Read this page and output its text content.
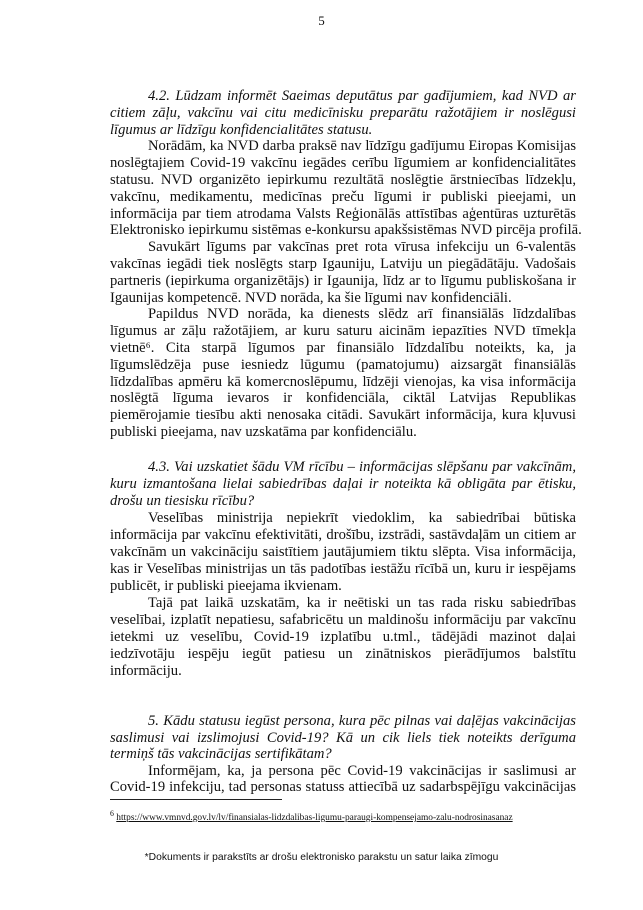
5
4.2. Lūdzam informēt Saeimas deputātus par gadījumiem, kad NVD ar
citiem zāļu, vakcīnu vai citu medicīnisku preparātu ražotājiem ir noslēgusi
līgumus ar līdzīgu konfidencialitātes statusu.
Norādām, ka NVD darba praksē nav līdzīgu gadījumu Eiropas Komisijas
noslēgtajiem Covid-19 vakcīnu iegādes cerību līgumiem ar konfidencialitātes
statusu. NVD organizēto iepirkumu rezultātā noslēgtie ārstniecības līdzekļu,
vakcīnu, medikamentu, medicīnas preču līgumi ir publiski pieejami, un
informācija par tiem atrodama Valsts Reģionālās attīstības aģentūras uzturētās
Elektronisko iepirkumu sistēmas e-konkursu apakšsistēmas NVD pircēja profilā.
Savukārt līgums par vakcīnas pret rota vīrusa infekciju un 6-valentās
vakcīnas iegādi tiek noslēgts starp Igauniju, Latviju un piegādātāju. Vadošais
partneris (iepirkuma organizētājs) ir Igaunija, līdz ar to līgumu publiskošana ir
Igaunijas kompetencē. NVD norāda, ka šie līgumi nav konfidenciāli.
Papildus NVD norāda, ka dienests slēdz arī finansiālās līdzdalības
līgumus ar zāļu ražotājiem, ar kuru saturu aicinām iepazīties NVD tīmekļa
vietnē⁶. Cita starpā līgumos par finansiālo līdzdalību noteikts, ka, ja
līgumslēdzēja puse iesniedz lūgumu (pamatojumu) aizsargāt finansiālās
līdzdalības apmēru kā komercnoslēpumu, līdzēji vienojas, ka visa informācija
noslēgtā līguma ievaros ir konfidenciāla, ciktāl Latvijas Republikas
piemērojamie tiesību akti nenosaka citādi. Savukārt informācija, kura kļuvusi
publiski pieejama, nav uzskatāma par konfidenciālu.
4.3. Vai uzskatiet šādu VM rīcību – informācijas slēpšanu par vakcīnām,
kuru izmantošana lielai sabiedrības daļai ir noteikta kā obligāta par ētisku,
drošu un tiesisku rīcību?
Veselības ministrija nepiekrīt viedoklim, ka sabiedrībai būtiska
informācija par vakcīnu efektivitāti, drošību, izstrādi, sastāvdaļām un citiem ar
vakcīnām un vakcināciju saistītiem jautājumiem tiktu slēpta. Visa informācija,
kas ir Veselības ministrijas un tās padotības iestāžu rīcībā un, kuru ir iespējams
publicēt, ir publiski pieejama ikvienam.
Tajā pat laikā uzskatām, ka ir neētiski un tas rada risku sabiedrības
veselībai, izplatīt nepatiesu, safabricētu un maldinošu informāciju par vakcīnu
ietekmi uz veselību, Covid-19 izplatību u.tml., tādējādi mazinot daļai
iedzīvotāju iespēju iegūt patiesu un zinātniskos pierādījumos balstītu
informāciju.
5. Kādu statusu iegūst persona, kura pēc pilnas vai daļējas vakcinācijas
saslimusi vai izslimojusi Covid-19? Kā un cik liels tiek noteikts derīguma
termiņš tās vakcinācijas sertifikātam?
Informējam, ka, ja persona pēc Covid-19 vakcinācijas ir saslimusi ar
Covid-19 infekciju, tad personas statuss attiecībā uz sadarbspējīgu vakcinācijas
$^6$ https://www.vmnvd.gov.lv/lv/finansialas-lidzdalibas-ligumu-paraugi-kompensejamo-zalu-nodrosinasanaz
*Dokuments ir parakstīts ar drošu elektronisko parakstu un satur laika zīmogu
